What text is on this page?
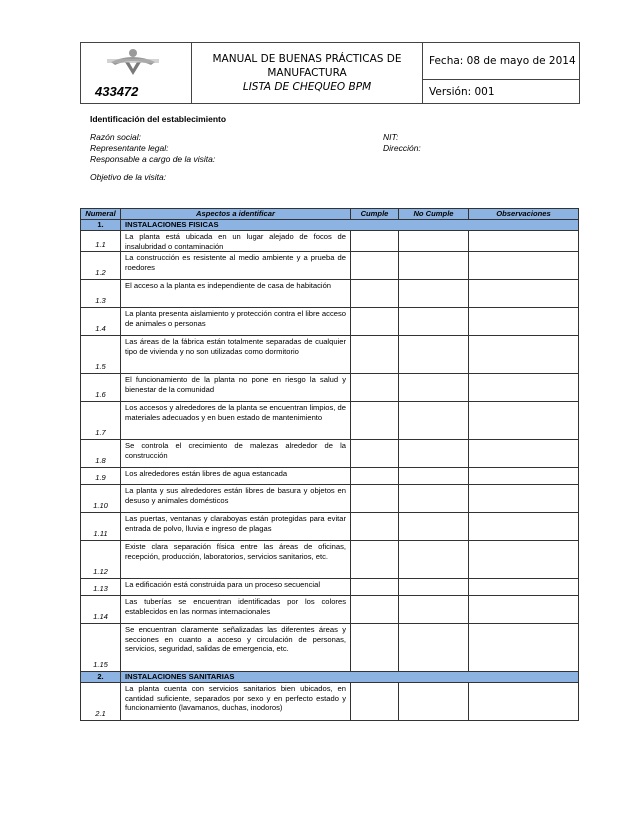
433472

MANUAL DE BUENAS PRÁCTICAS DE
MANUFACTURA
LISTA DE CHEQUEO BPM
	Fecha: 08 de mayo de 2014
Versión: 001
Identificación del establecimiento
Razón social:	NIT:
Representante legal:	Dirección:
Responsable a cargo de la visita:
Objetivo de la visita:
Numeral	Aspectos a identificar	Cumple	No Cumple	Observaciones
1.	INSTALACIONES FISICAS			
1.1	La planta está ubicada en un lugar alejado de focos de insalubridad o contaminación			
1.2	La construcción es resistente al medio ambiente y a prueba de roedores			
1.3	El acceso a la planta es independiente de casa de habitación			
1.4	La planta presenta aislamiento y protección contra el libre acceso de animales o personas			
1.5	Las áreas de la fábrica están totalmente separadas de cualquier tipo de vivienda y no son utilizadas como dormitorio			
1.6	El funcionamiento de la planta no pone en riesgo la salud y bienestar de la comunidad			
1.7	Los accesos y alrededores de la planta se encuentran limpios, de materiales adecuados y en buen estado de mantenimiento			
1.8	Se controla el crecimiento de malezas alrededor de la construcción			
1.9	Los alrededores están libres de agua estancada			
1.10	La planta y sus alrededores están libres de basura y objetos en desuso y animales domésticos			
1.11	Las puertas, ventanas y claraboyas están protegidas para evitar entrada de polvo, lluvia e ingreso de plagas			
1.12	Existe clara separación física entre las áreas de oficinas, recepción, producción, laboratorios, servicios sanitarios, etc.			
1.13	La edificación está construida para un proceso secuencial			
1.14	Las tuberías se encuentran identificadas por los colores establecidos en las normas internacionales			
1.15	Se encuentran claramente señalizadas las diferentes áreas y secciones en cuanto a acceso y circulación de personas, servicios, seguridad, salidas de emergencia, etc.			
2.	INSTALACIONES SANITARIAS			
2.1	La planta cuenta con servicios sanitarios bien ubicados, en cantidad suficiente, separados por sexo y en perfecto estado y funcionamiento (lavamanos, duchas, inodoros)			
